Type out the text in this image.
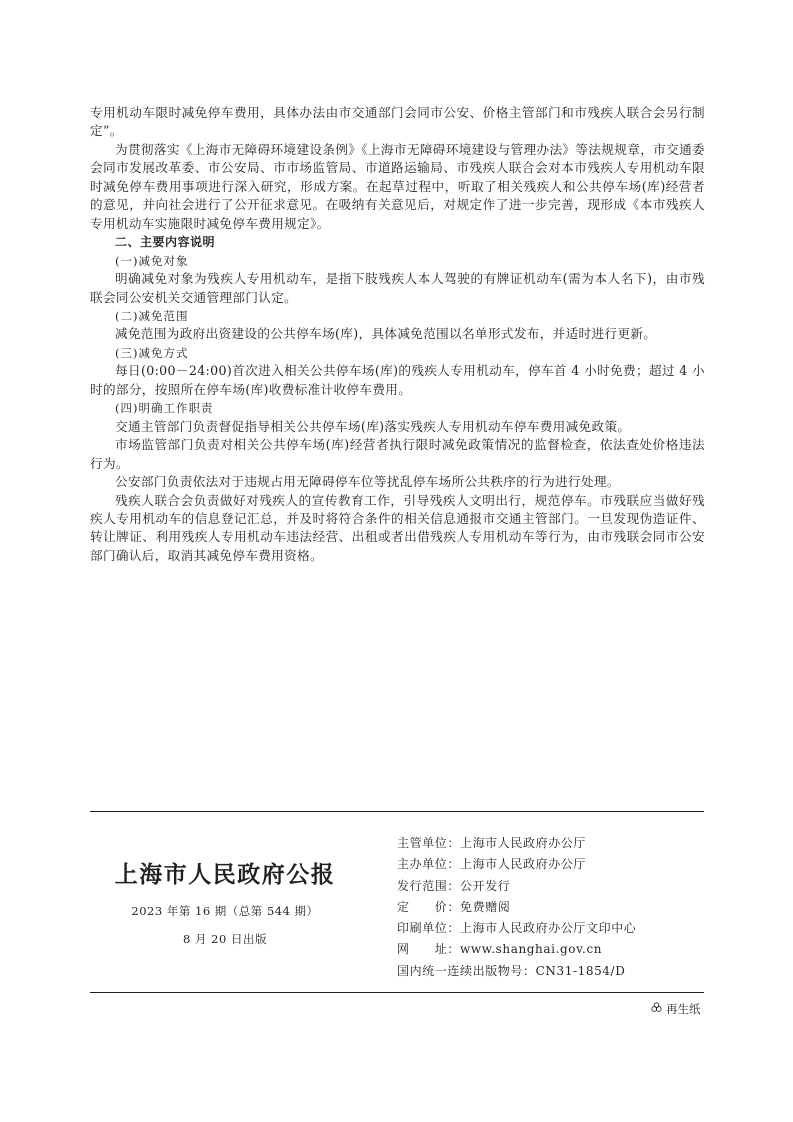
专用机动车限时减免停车费用，具体办法由市交通部门会同市公安、价格主管部门和市残疾人联合会另行制定”。

为贯彻落实《上海市无障碍环境建设条例》《上海市无障碍环境建设与管理办法》等法规规章，市交通委会同市发展改革委、市公安局、市市场监管局、市道路运输局、市残疾人联合会对本市残疾人专用机动车限时减免停车费用事项进行深入研究，形成方案。在起草过程中，听取了相关残疾人和公共停车场(库)经营者的意见，并向社会进行了公开征求意见。在吸纳有关意见后，对规定作了进一步完善，现形成《本市残疾人专用机动车实施限时减免停车费用规定》。

二、主要内容说明

(一)减免对象

明确减免对象为残疾人专用机动车，是指下肢残疾人本人驾驶的有牌证机动车(需为本人名下)，由市残联会同公安机关交通管理部门认定。

(二)减免范围

减免范围为政府出资建设的公共停车场(库)，具体减免范围以名单形式发布，并适时进行更新。

(三)减免方式

每日(0:00－24:00)首次进入相关公共停车场(库)的残疾人专用机动车，停车首 4 小时免费；超过 4 小时的部分，按照所在停车场(库)收费标准计收停车费用。

(四)明确工作职责

交通主管部门负责督促指导相关公共停车场(库)落实残疾人专用机动车停车费用减免政策。

市场监管部门负责对相关公共停车场(库)经营者执行限时减免政策情况的监督检查，依法查处价格违法行为。

公安部门负责依法对于违规占用无障碍停车位等扰乱停车场所公共秩序的行为进行处理。

残疾人联合会负责做好对残疾人的宣传教育工作，引导残疾人文明出行，规范停车。市残联应当做好残疾人专用机动车的信息登记汇总，并及时将符合条件的相关信息通报市交通主管部门。一旦发现伪造证件、转让牌证、利用残疾人专用机动车违法经营、出租或者出借残疾人专用机动车等行为，由市残联会同市公安部门确认后，取消其减免停车费用资格。

上海市人民政府公报
2023 年第 16 期（总第 544 期）
8 月 20 日出版
主管单位：上海市人民政府办公厅
主办单位：上海市人民政府办公厅
发行范围：公开发行
定　　价：免费赠阅
印刷单位：上海市人民政府办公厅文印中心
网　　址：www.shanghai.gov.cn
国内统一连续出版物号：CN31-1854/D
再生纸
